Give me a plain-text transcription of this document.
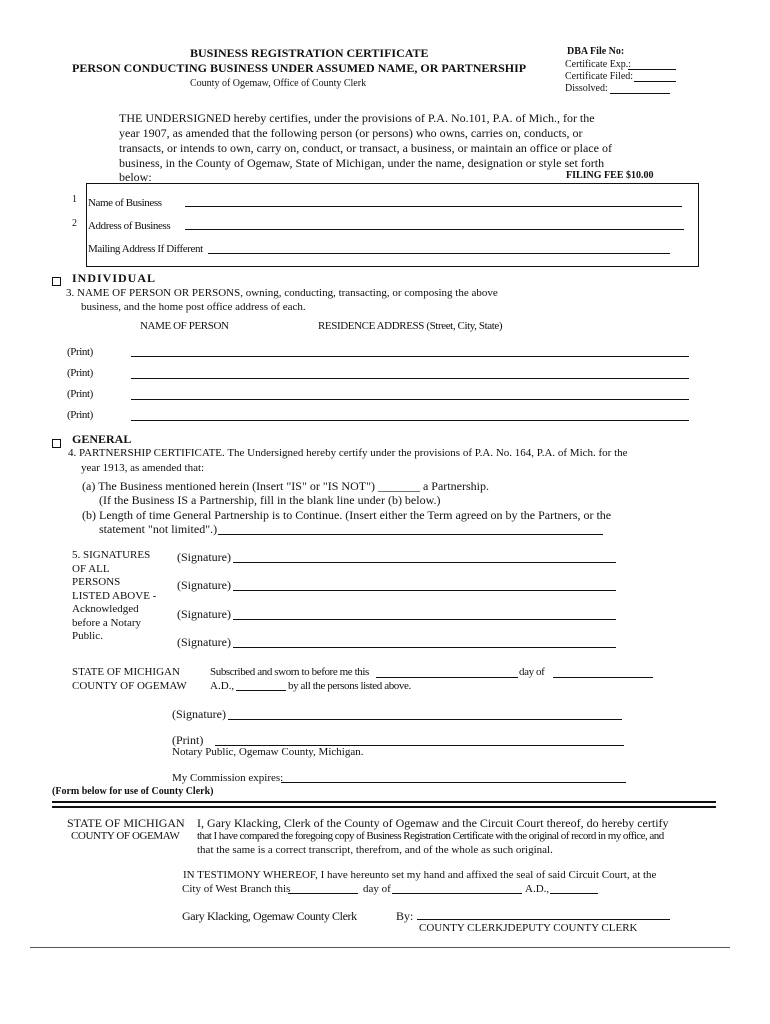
BUSINESS REGISTRATION CERTIFICATE
PERSON CONDUCTING BUSINESS UNDER ASSUMED NAME, OR PARTNERSHIP
County of Ogemaw, Office of County Clerk
DBA File No:
Certificate Exp.:
Certificate Filed:
Dissolved:
THE UNDERSIGNED hereby certifies, under the provisions of P.A. No.101, P.A. of Mich., for the
year 1907, as amended that the following person (or persons) who owns, carries on, conducts, or
transacts, or intends to own, carry on, conduct, or transact, a business, or maintain an office or place of
business, in the County of Ogemaw, State of Michigan, under the name, designation or style set forth
below:	FILING FEE $10.00
1 Name of Business
2 Address of Business
Mailing Address If Different
INDIVIDUAL
3. NAME OF PERSON OR PERSONS, owning, conducting, transacting, or composing the above
business, and the home post office address of each.
NAME OF PERSON	RESIDENCE ADDRESS (Street, City, State)
(Print)
(Print)
(Print)
(Print)
GENERAL
4. PARTNERSHIP CERTIFICATE. The Undersigned hereby certify under the provisions of P.A. No. 164, P.A. of Mich. for the
year 1913, as amended that:
(a) The Business mentioned herein (Insert "IS" or "IS NOT") _______ a Partnership.
(If the Business IS a Partnership, fill in the blank line under (b) below.)
(b) Length of time General Partnership is to Continue. (Insert either the Term agreed on by the Partners, or the
statement "not limited".)
5. SIGNATURES
OF ALL
PERSONS
LISTED ABOVE -
Acknowledged
before a Notary
Public.
(Signature)
(Signature)
(Signature)
(Signature)
STATE OF MICHIGAN
COUNTY OF OGEMAW
Subscribed and sworn to before me this	day of
A.D.,	by all the persons listed above.
(Signature)
(Print)
Notary Public, Ogemaw County, Michigan.
My Commission expires:
(Form below for use of County Clerk)
STATE OF MICHIGAN
COUNTY OF OGEMAW
I, Gary Klacking, Clerk of the County of Ogemaw and the Circuit Court thereof, do hereby certify
that I have compared the foregoing copy of Business Registration Certificate with the original of record in my office, and
that the same is a correct transcript, therefrom, and of the whole as such original.
IN TESTIMONY WHEREOF, I have hereunto set my hand and affixed the seal of said Circuit Court, at the
City of West Branch this	day of	A.D.,
Gary Klacking, Ogemaw County Clerk	By:
COUNTY CLERKJDEPUTY COUNTY CLERK
